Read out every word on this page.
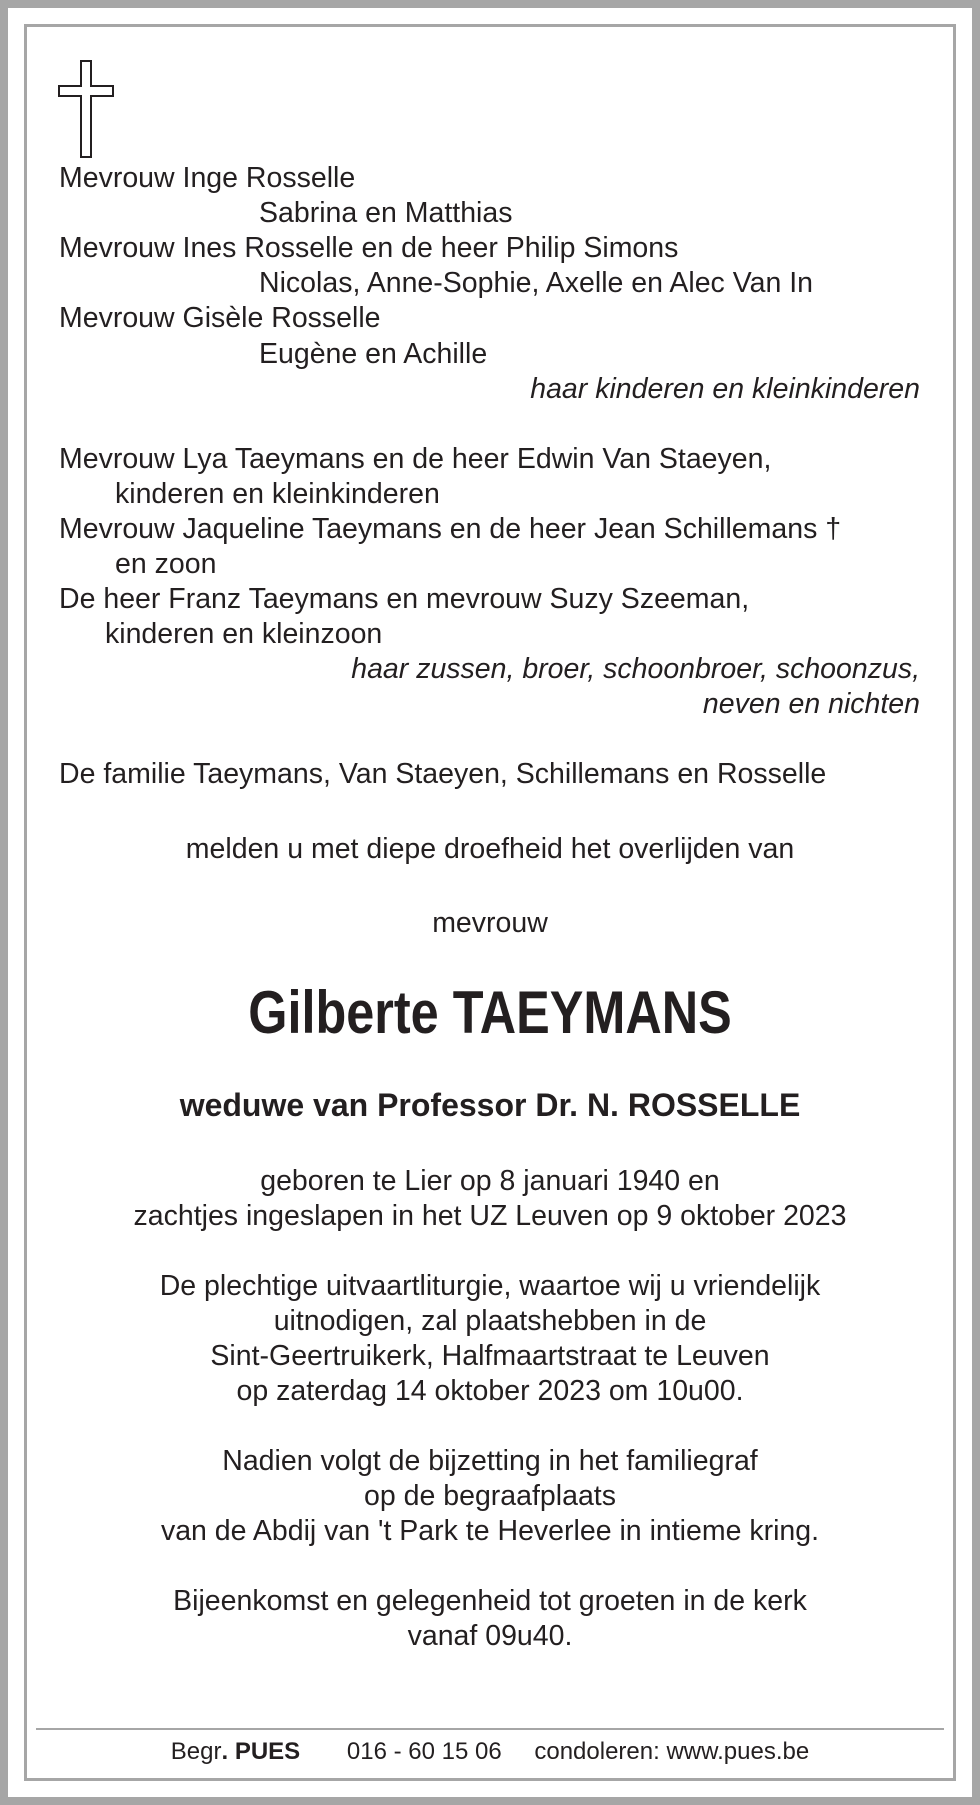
Mevrouw Inge Rosselle
Sabrina en Matthias
Mevrouw Ines Rosselle en de heer Philip Simons
Nicolas, Anne-Sophie, Axelle en Alec Van In
Mevrouw Gisèle Rosselle
Eugène en Achille
haar kinderen en kleinkinderen
Mevrouw Lya Taeymans en de heer Edwin Van Staeyen,
kinderen en kleinkinderen
Mevrouw Jaqueline Taeymans en de heer Jean Schillemans †
en zoon
De heer Franz Taeymans en mevrouw Suzy Szeeman,
kinderen en kleinzoon
haar zussen, broer, schoonbroer, schoonzus,
neven en nichten
De familie Taeymans, Van Staeyen, Schillemans en Rosselle
melden u met diepe droefheid het overlijden van
mevrouw
Gilberte TAEYMANS
weduwe van Professor Dr. N. ROSSELLE
geboren te Lier op 8 januari 1940 en
zachtjes ingeslapen in het UZ Leuven op 9 oktober 2023
De plechtige uitvaartliturgie, waartoe wij u vriendelijk
uitnodigen, zal plaatshebben in de
Sint-Geertruikerk, Halfmaartstraat te Leuven
op zaterdag 14 oktober 2023 om 10u00.
Nadien volgt de bijzetting in het familiegraf
op de begraafplaats
van de Abdij van 't Park te Heverlee in intieme kring.
Bijeenkomst en gelegenheid tot groeten in de kerk
vanaf 09u40.
Begr. PUES 016 - 60 15 06 condoleren: www.pues.be
